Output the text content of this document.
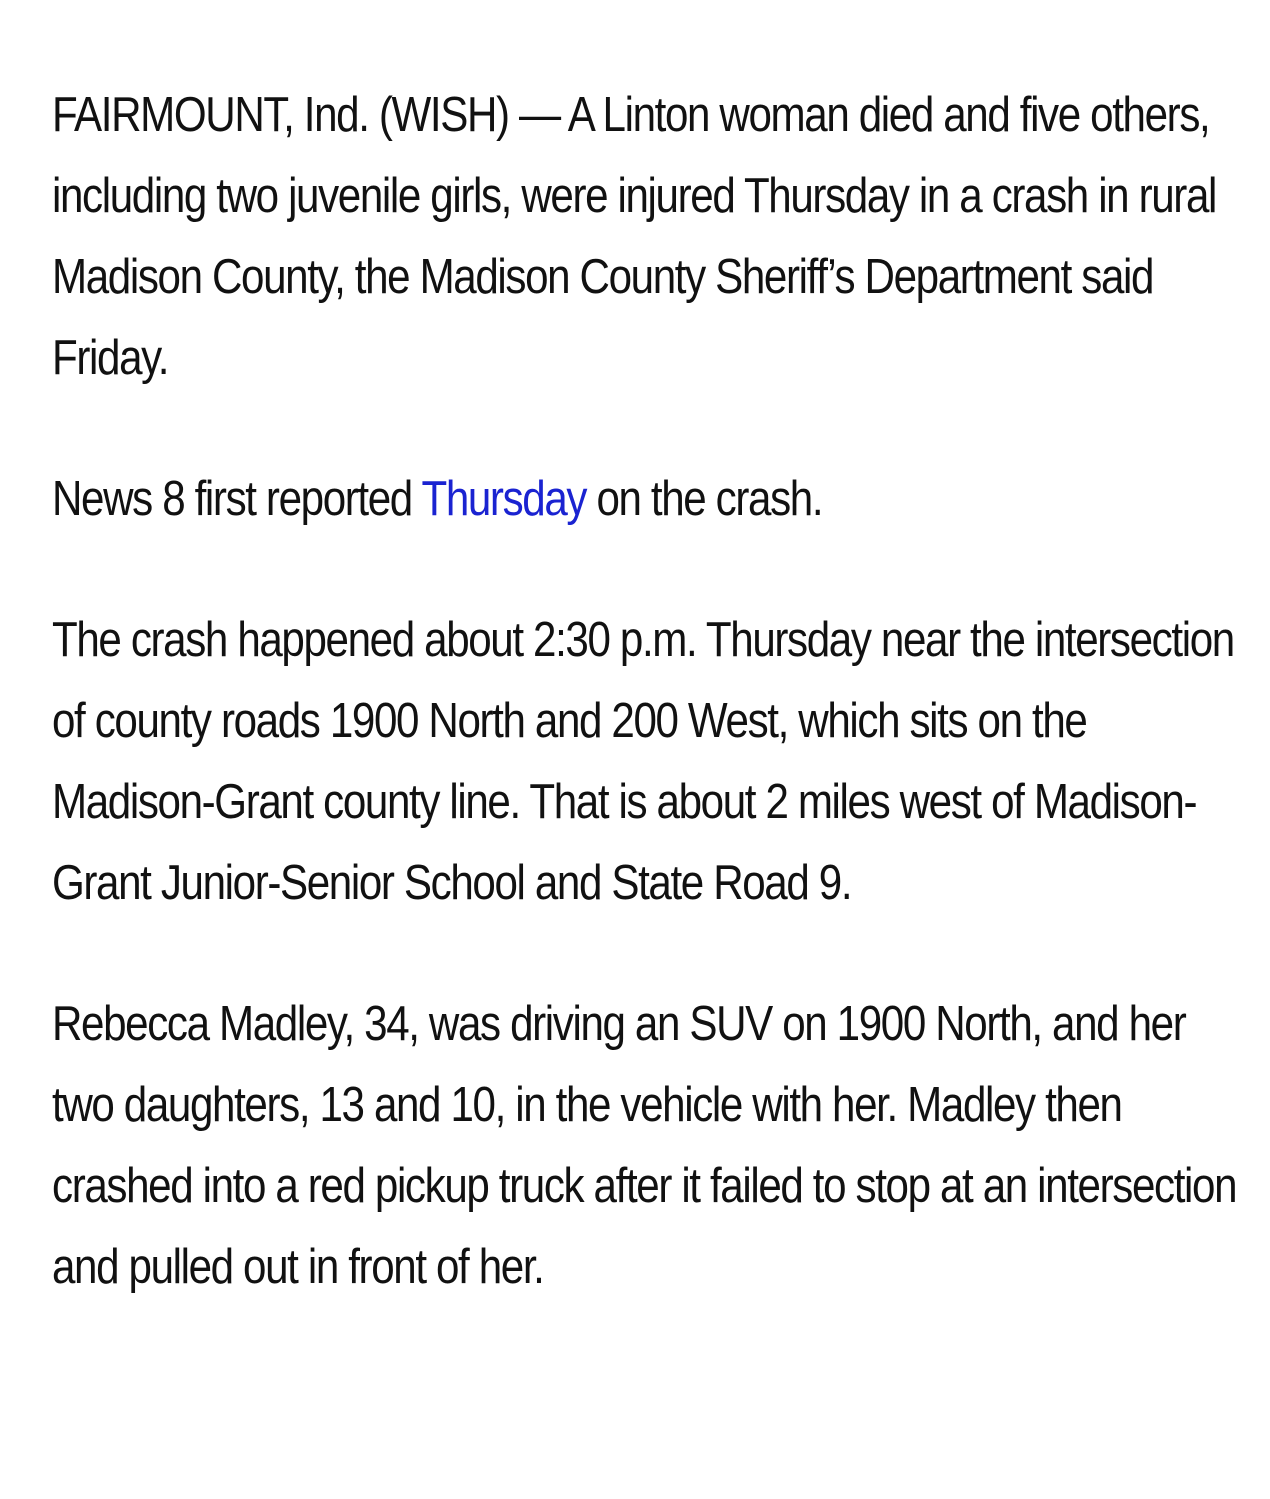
FAIRMOUNT, Ind. (WISH) — A Linton woman died and five others, including two juvenile girls, were injured Thursday in a crash in rural Madison County, the Madison County Sheriff’s Department said Friday.

News 8 first reported Thursday on the crash.

The crash happened about 2:30 p.m. Thursday near the intersection of county roads 1900 North and 200 West, which sits on the Madison-Grant county line. That is about 2 miles west of Madison-Grant Junior-Senior School and State Road 9.

Rebecca Madley, 34, was driving an SUV on 1900 North, and her two daughters, 13 and 10, in the vehicle with her. Madley then crashed into a red pickup truck after it failed to stop at an intersection and pulled out in front of her.
